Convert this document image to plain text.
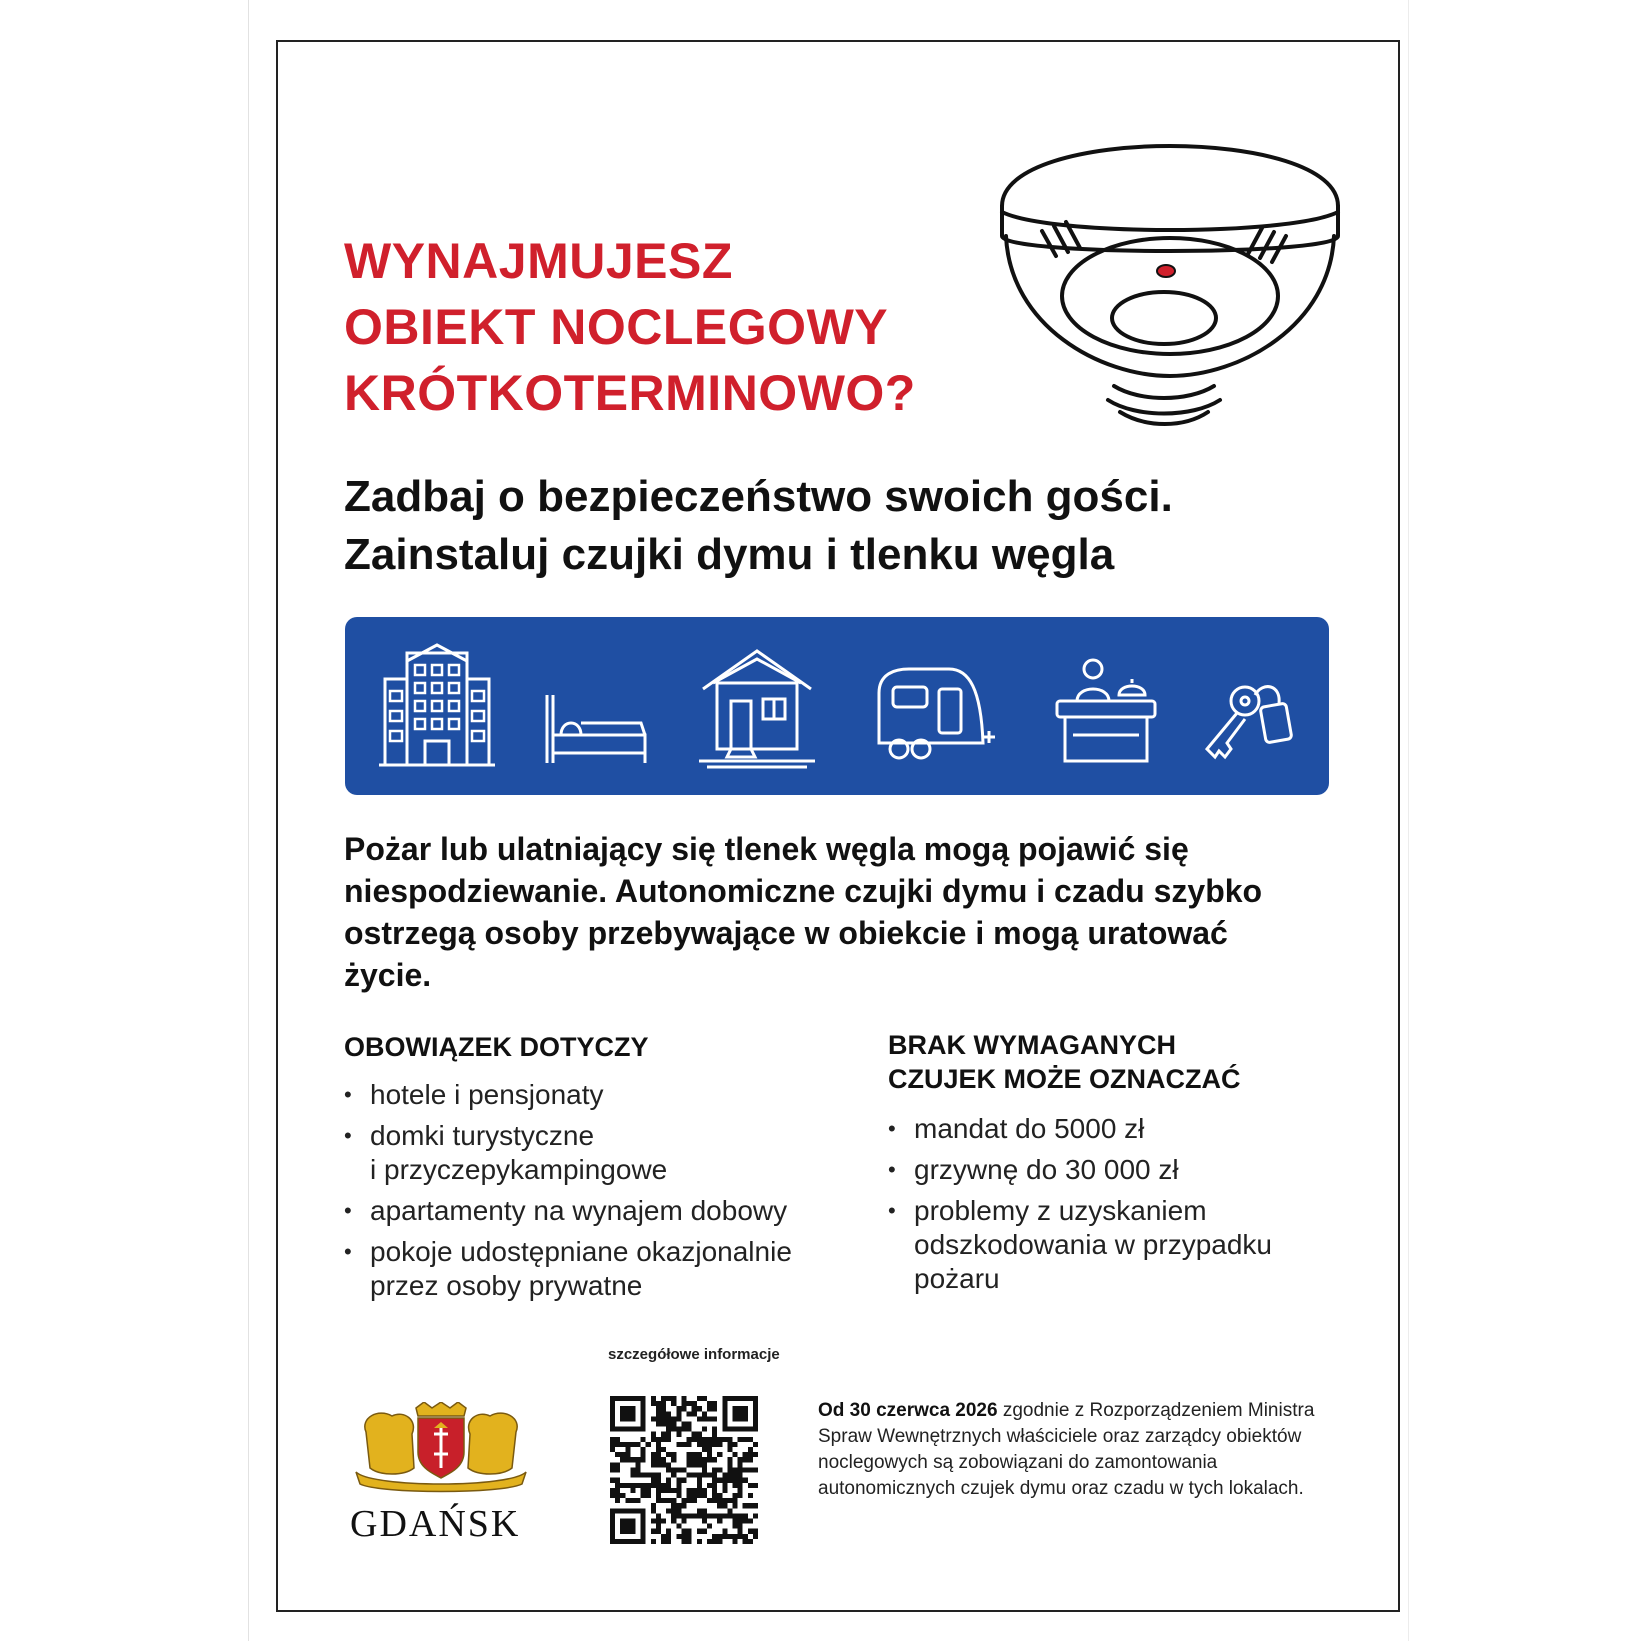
WYNAJMUJESZ
OBIEKT NOCLEGOWY
KRÓTKOTERMINOWO?
Zadbaj o bezpieczeństwo swoich gości.
Zainstaluj czujki dymu i tlenku węgla

Pożar lub ulatniający się tlenek węgla mogą pojawić się niespodziewanie. Autonomiczne czujki dymu i czadu szybko ostrzegą osoby przebywające w obiekcie i mogą uratować życie.

OBOWIĄZEK DOTYCZY
• hotele i pensjonaty
• domki turystyczne
i przyczepykampingowe
• apartamenty na wynajem dobowy
• pokoje udostępniane okazjonalnie
przez osoby prywatne
BRAK WYMAGANYCH
CZUJEK MOŻE OZNACZAĆ
• mandat do 5000 zł
• grzywnę do 30 000 zł
• problemy z uzyskaniem
odszkodowania w przypadku
pożaru
szczegółowe informacje
GDAŃSK

Od 30 czerwca 2026 zgodnie z Rozporządzeniem Ministra Spraw Wewnętrznych właściciele oraz zarządcy obiektów noclegowych są zobowiązani do zamontowania autonomicznych czujek dymu oraz czadu w tych lokalach.
